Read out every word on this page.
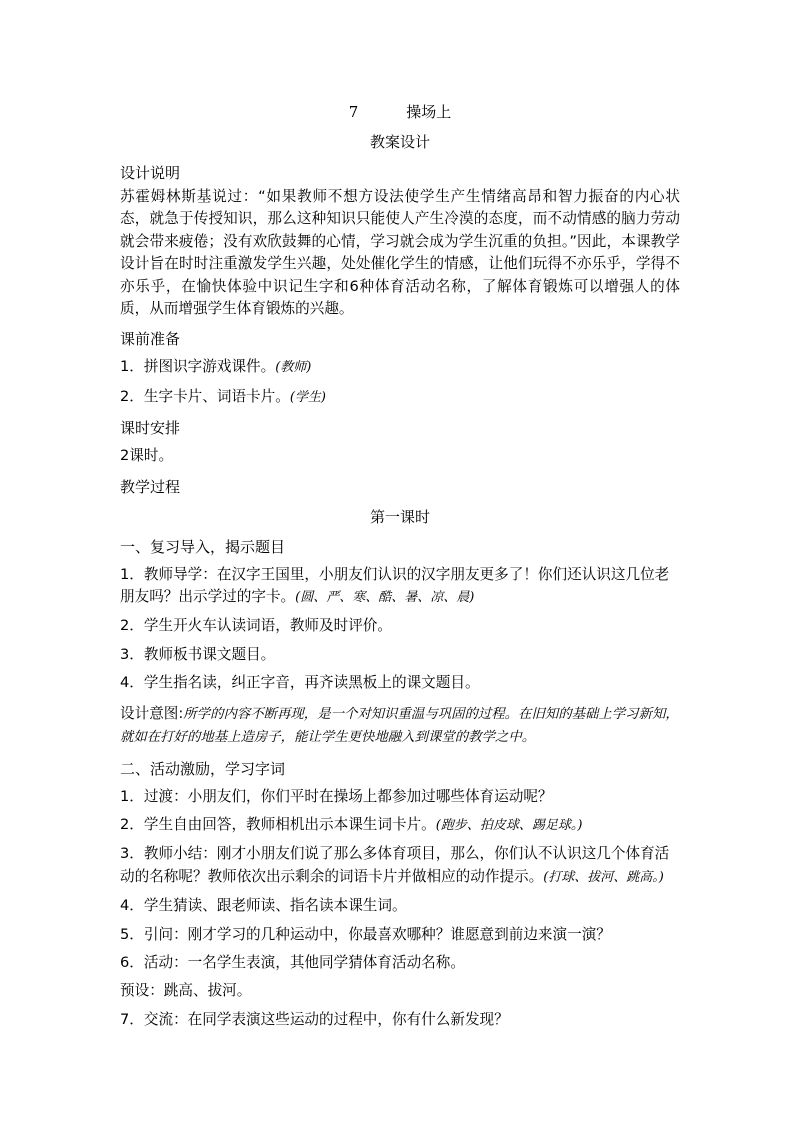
7	操场上
教案设计
设计说明
苏霍姆林斯基说过：“如果教师不想方设法使学生产生情绪高昂和智力振奋的内心状态，就急于传授知识，那么这种知识只能使人产生冷漠的态度，而不动情感的脑力劳动就会带来疲倦；没有欢欣鼓舞的心情，学习就会成为学生沉重的负担。”因此，本课教学设计旨在时时注重激发学生兴趣，处处催化学生的情感，让他们玩得不亦乐乎，学得不亦乐乎，在愉快体验中识记生字和6种体育活动名称，了解体育锻炼可以增强人的体质，从而增强学生体育锻炼的兴趣。
课前准备
1．拼图识字游戏课件。(教师)
2．生字卡片、词语卡片。(学生)
课时安排
2课时。
教学过程
第一课时
一、复习导入，揭示题目
1．教师导学：在汉字王国里，小朋友们认识的汉字朋友更多了！你们还认识这几位老朋友吗？出示学过的字卡。(圆、严、寒、酷、暑、凉、晨)
2．学生开火车认读词语，教师及时评价。
3．教师板书课文题目。
4．学生指名读，纠正字音，再齐读黑板上的课文题目。
设计意图:所学的内容不断再现，是一个对知识重温与巩固的过程。在旧知的基础上学习新知，就如在打好的地基上造房子，能让学生更快地融入到课堂的教学之中。
二、活动激励，学习字词
1．过渡：小朋友们，你们平时在操场上都参加过哪些体育运动呢？
2．学生自由回答，教师相机出示本课生词卡片。(跑步、拍皮球、踢足球。)
3．教师小结：刚才小朋友们说了那么多体育项目，那么，你们认不认识这几个体育活动的名称呢？教师依次出示剩余的词语卡片并做相应的动作提示。(打球、拔河、跳高。)
4．学生猜读、跟老师读、指名读本课生词。
5．引问：刚才学习的几种运动中，你最喜欢哪种？谁愿意到前边来演一演？
6．活动：一名学生表演，其他同学猜体育活动名称。
预设：跳高、拔河。
7．交流：在同学表演这些运动的过程中，你有什么新发现？
